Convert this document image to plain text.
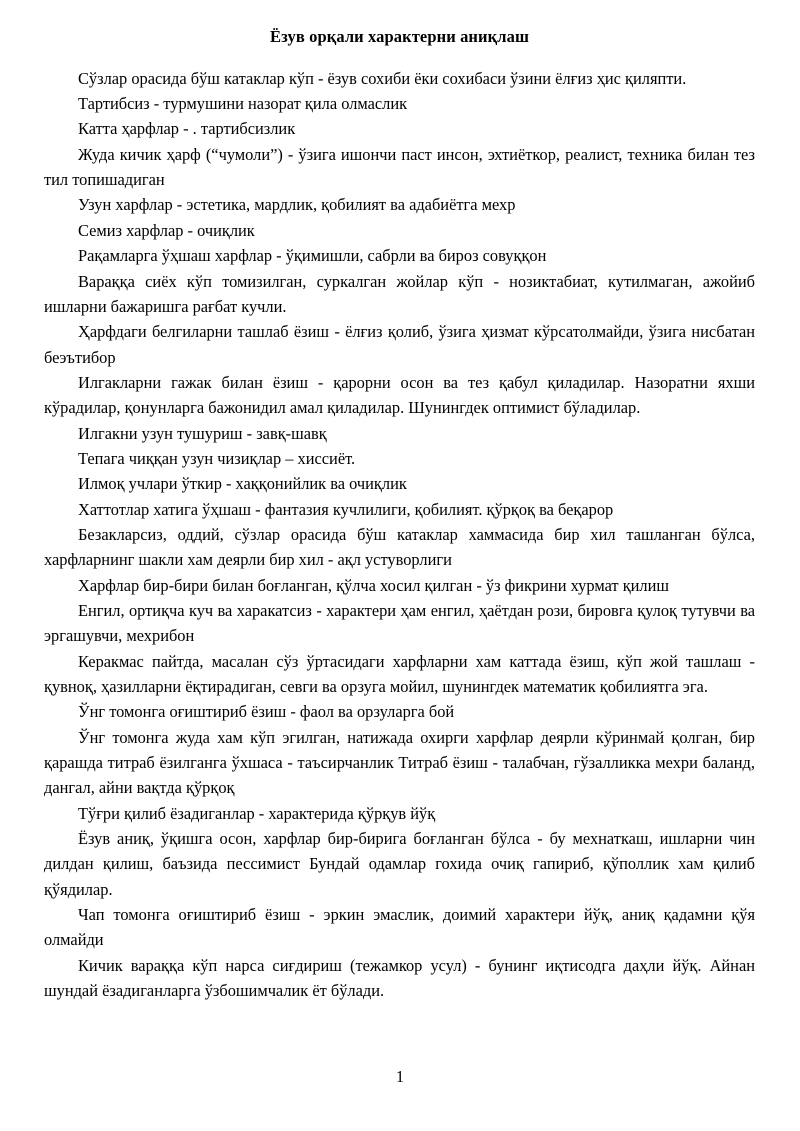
Ёзув орқали характерни аниқлаш

Сўзлар орасида бўш катаклар кўп - ёзув сохиби ёки сохибаси ўзини ёлғиз ҳис қиляпти.

Тартибсиз - турмушини назорат қила олмаслик

Катта ҳарфлар - . тартибсизлик

Жуда кичик ҳарф (“чумоли”) - ўзига ишончи паст инсон, эхтиёткор, реалист, техника билан тез тил топишадиган

Узун харфлар - эстетика, мардлик, қобилият ва адабиётга мехр

Семиз харфлар - очиқлик

Рақамларга ўҳшаш харфлар - ўқимишли, сабрли ва бироз совуққон

Вараққа сиёх кўп томизилган, суркалган жойлар кўп - нозиктабиат, кутилмаган, ажойиб ишларни бажаришга рағбат кучли.

Ҳарфдаги белгиларни ташлаб ёзиш - ёлғиз қолиб, ўзига ҳизмат кўрсатолмайди, ўзига нисбатан беэътибор

Илгакларни гажак билан ёзиш - қарорни осон ва тез қабул қиладилар. Назоратни яхши кўрадилар, қонунларга бажонидил амал қиладилар. Шунингдек оптимист бўладилар.

Илгакни узун тушуриш - завқ-шавқ

Тепага чиққан узун чизиқлар – хиссиёт.

Илмоқ учлари ўткир - хаққонийлик ва очиқлик

Хаттотлар хатига ўҳшаш - фантазия кучлилиги, қобилият. қўрқоқ ва беқарор

Безакларсиз, оддий, сўзлар орасида бўш катаклар хаммасида бир хил ташланган бўлса, харфларнинг шакли хам деярли бир хил - ақл устуворлиги

Харфлар бир-бири билан боғланган, қўлча хосил қилган - ўз фикрини хурмат қилиш

Енгил, ортиқча куч ва харакатсиз - характери ҳам енгил, ҳаётдан рози, бировга қулоқ тутувчи ва эргашувчи, мехрибон

Керакмас пайтда, масалан сўз ўртасидаги харфларни хам каттада ёзиш, кўп жой ташлаш - қувноқ, ҳазилларни ёқтирадиган, севги ва орзуга мойил, шунингдек математик қобилиятга эга.

Ўнг томонга оғиштириб ёзиш - фаол ва орзуларга бой

Ўнг томонга жуда хам кўп эгилган, натижада охирги харфлар деярли кўринмай қолган, бир қарашда титраб ёзилганга ўхшаса - таъсирчанлик Титраб ёзиш - талабчан, гўзалликка мехри баланд, дангал, айни вақтда қўрқоқ

Тўғри қилиб ёзадиганлар - характерида қўрқув йўқ

Ёзув аниқ, ўқишга осон, харфлар бир-бирига боғланган бўлса - бу мехнаткаш, ишларни чин дилдан қилиш, баъзида пессимист Бундай одамлар гохида очиқ гапириб, қўполлик хам қилиб қўядилар.

Чап томонга оғиштириб ёзиш - эркин эмаслик, доимий характери йўқ, аниқ қадамни қўя олмайди

Кичик вараққа кўп нарса сиғдириш (тежамкор усул) - бунинг иқтисодга даҳли йўқ. Айнан шундай ёзадиганларга ўзбошимчалик ёт бўлади.

1
